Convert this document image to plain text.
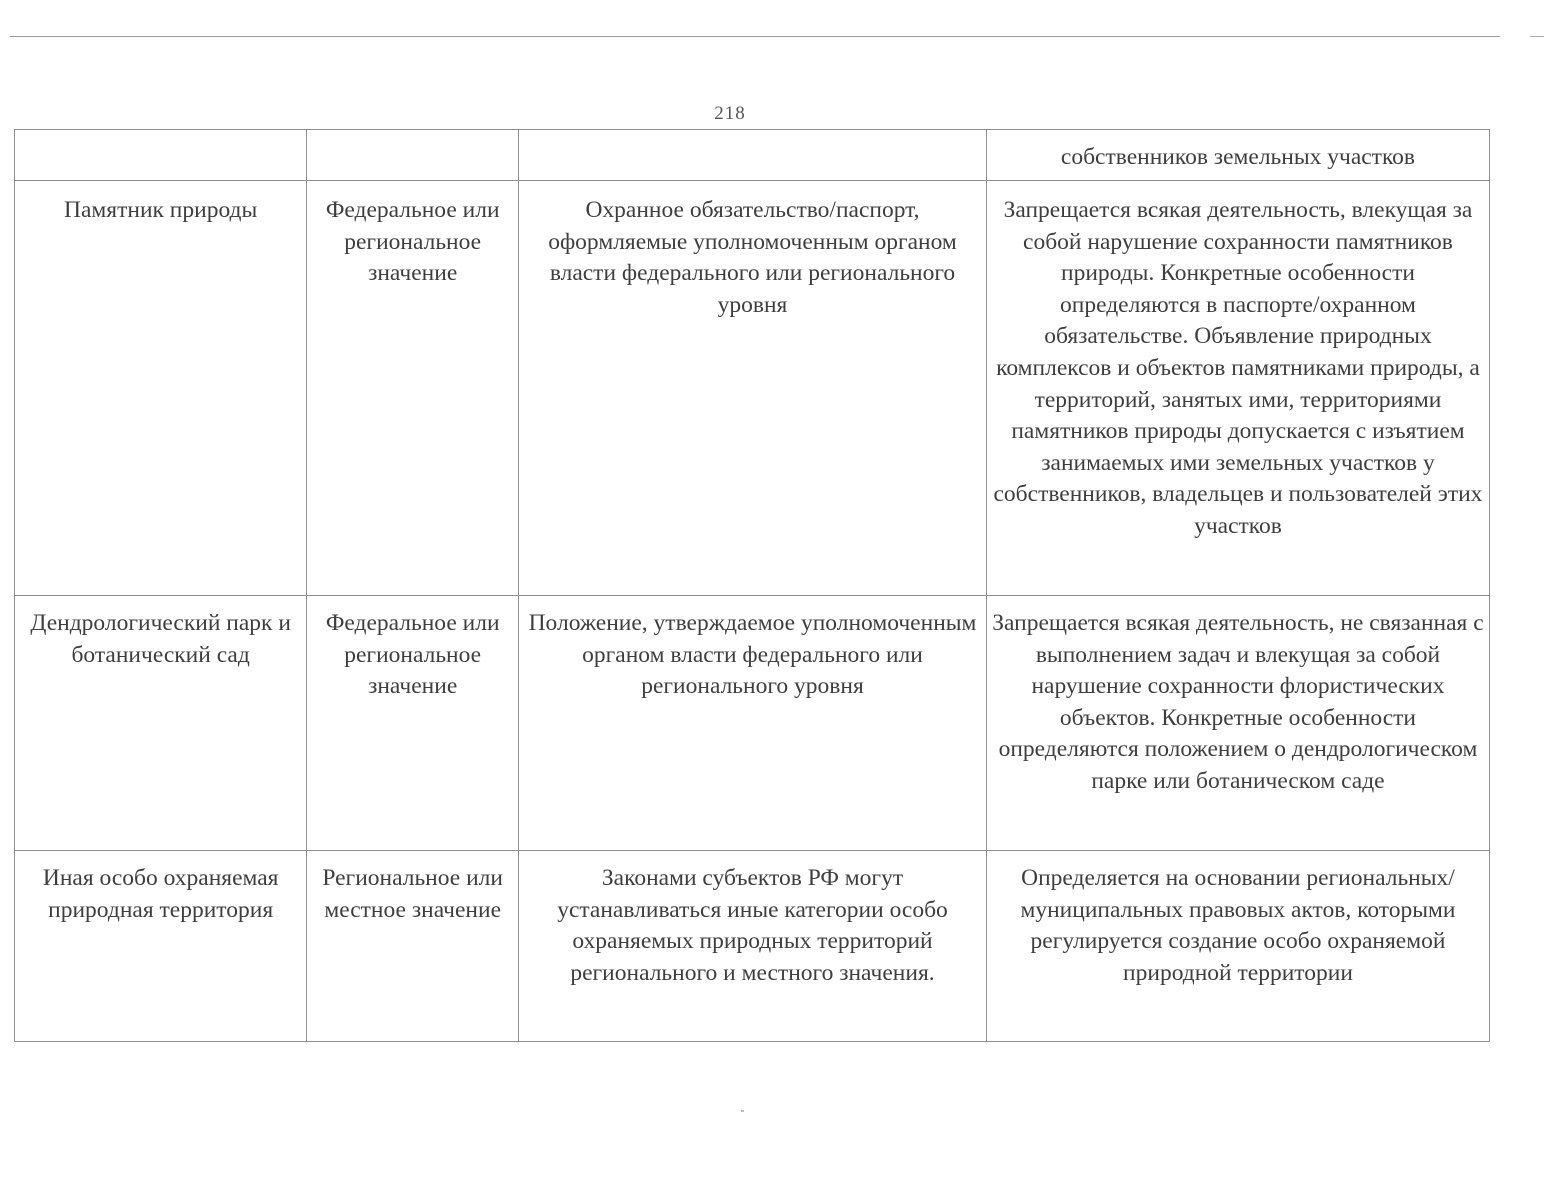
218
			собственников земельных участков
Памятник природы	Федеральное или региональное значение	Охранное обязательство/паспорт, оформляемые уполномоченным органом власти федерального или регионального уровня	Запрещается всякая деятельность, влекущая за собой нарушение сохранности памятников природы. Конкретные особенности определяются в паспорте/охранном обязательстве. Объявление природных комплексов и объектов памятниками природы, а территорий, занятых ими, территориями памятников природы допускается с изъятием занимаемых ими земельных участков у собственников, владельцев и пользователей этих участков
Дендрологический парк и ботанический сад	Федеральное или региональное значение	Положение, утверждаемое уполномоченным органом власти федерального или регионального уровня	Запрещается всякая деятельность, не связанная с выполнением задач и влекущая за собой нарушение сохранности флористических объектов. Конкретные особенности определяются положением о дендрологическом парке или ботаническом саде
Иная особо охраняемая природная территория	Региональное или местное значение	Законами субъектов РФ могут устанавливаться иные категории особо охраняемых природных территорий регионального и местного значения.	Определяется на основании региональных/муниципальных правовых актов, которыми регулируется создание особо охраняемой природной территории
